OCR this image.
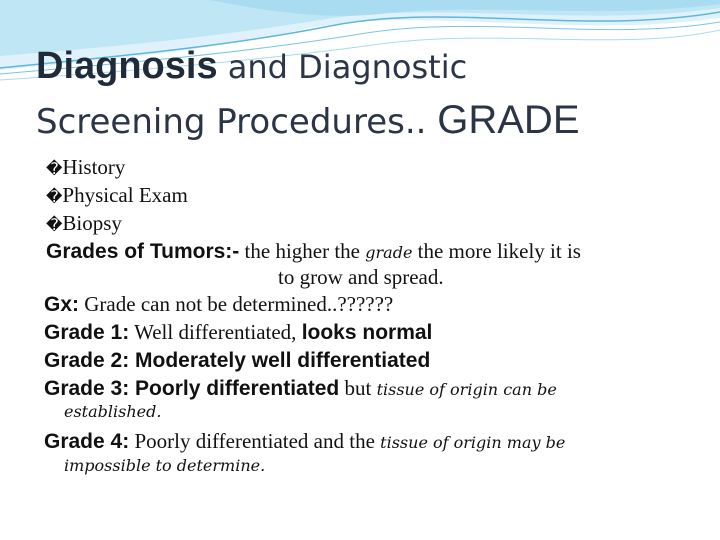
Diagnosis and Diagnostic
Screening Procedures.. GRADE
�History
�Physical Exam
�Biopsy
Grades of Tumors:- the higher the grade the more likely it is
to grow and spread.
Gx: Grade can not be determined..??????
Grade 1: Well differentiated, looks normal
Grade 2: Moderately well differentiated
Grade 3: Poorly differentiated but tissue of origin can be
established.
Grade 4: Poorly differentiated and the tissue of origin may be
impossible to determine.
